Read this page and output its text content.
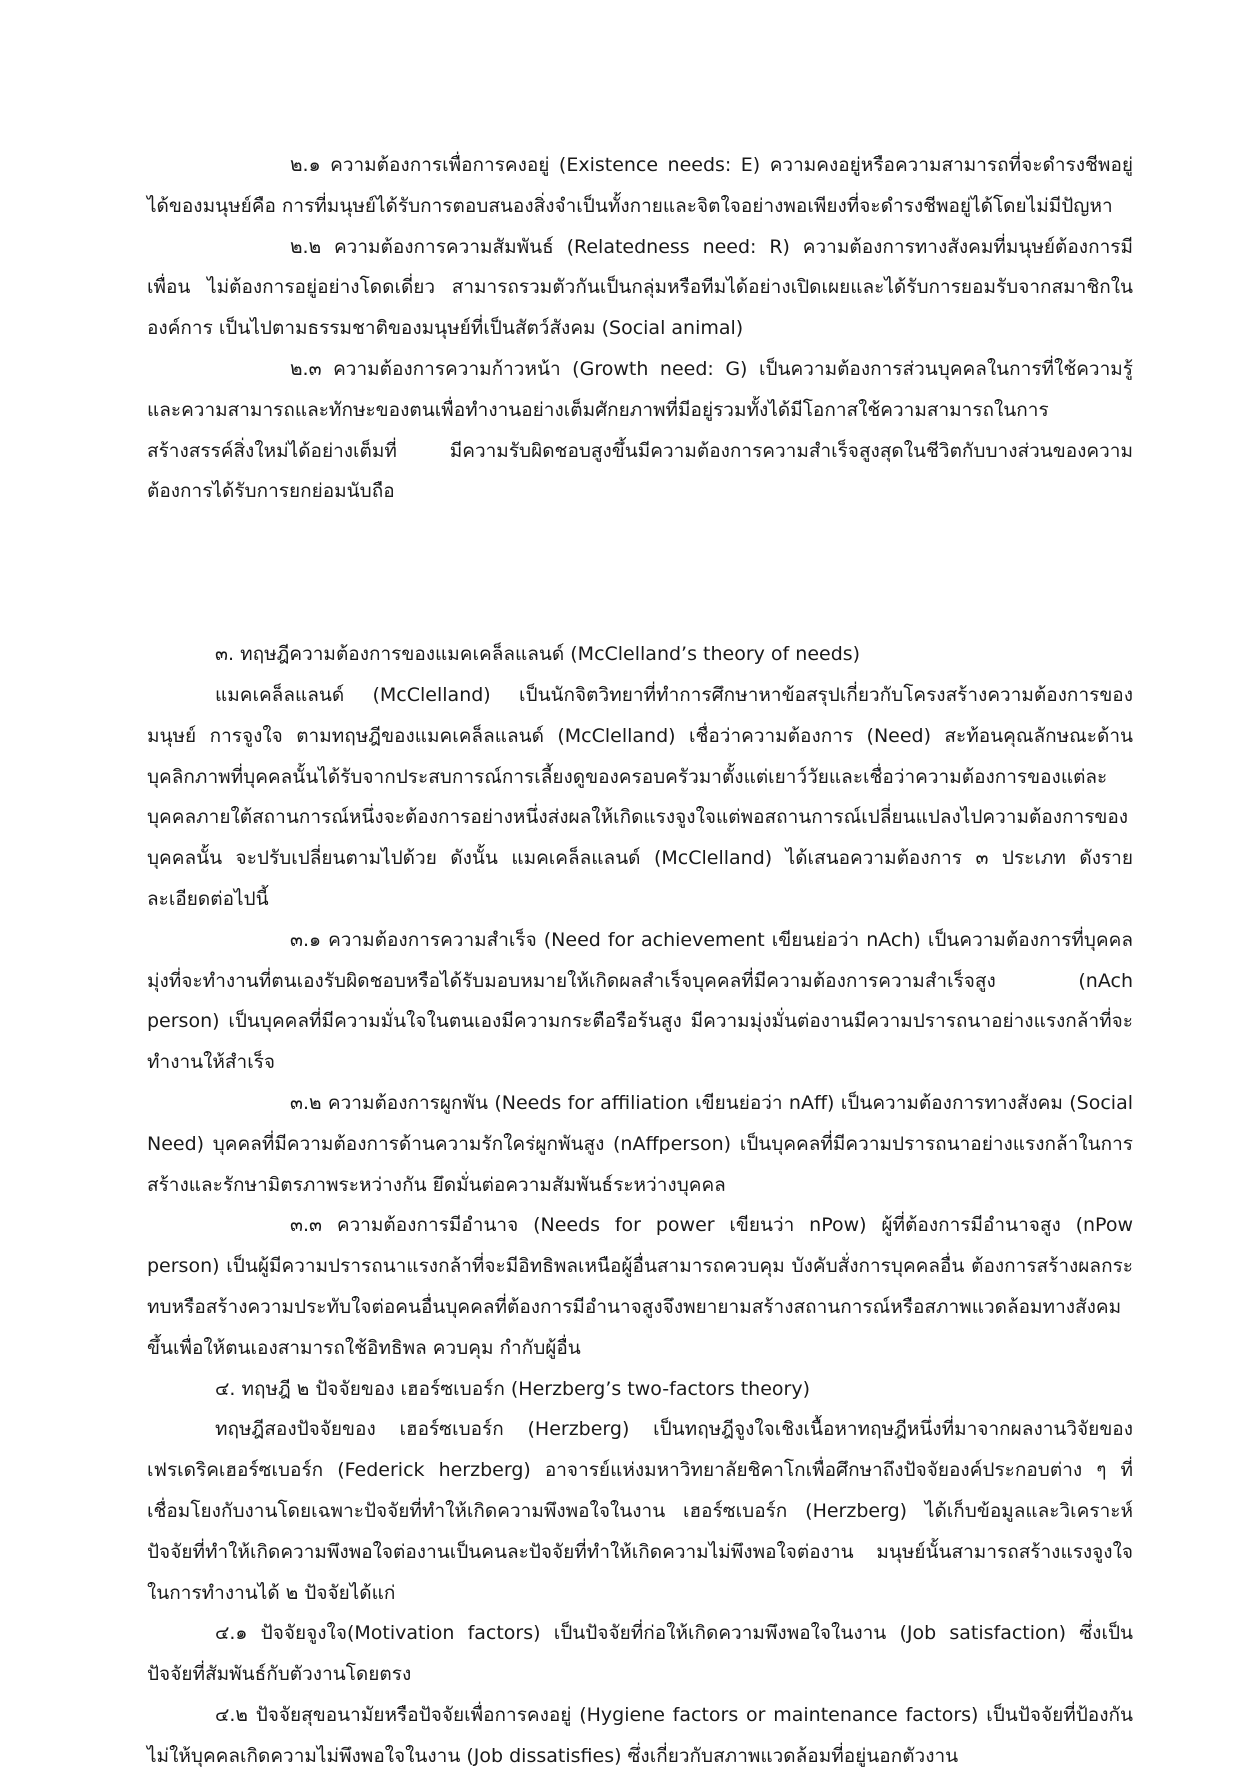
๒.๑ ความต้องการเพื่อการคงอยู่ (Existence needs: E) ความคงอยู่หรือความสามารถที่จะดำรงชีพอยู่ได้ของมนุษย์คือ การที่มนุษย์ได้รับการตอบสนองสิ่งจำเป็นทั้งกายและจิตใจอย่างพอเพียงที่จะดำรงชีพอยู่ได้โดยไม่มีปัญหา

๒.๒ ความต้องการความสัมพันธ์ (Relatedness need: R) ความต้องการทางสังคมที่มนุษย์ต้องการมีเพื่อน ไม่ต้องการอยู่อย่างโดดเดี่ยว สามารถรวมตัวกันเป็นกลุ่มหรือทีมได้อย่างเปิดเผยและได้รับการยอมรับจากสมาชิกในองค์การ เป็นไปตามธรรมชาติของมนุษย์ที่เป็นสัตว์สังคม (Social animal)

๒.๓ ความต้องการความก้าวหน้า (Growth need: G) เป็นความต้องการส่วนบุคคลในการที่ใช้ความรู้และความสามารถและทักษะของตนเพื่อทำงานอย่างเต็มศักยภาพที่มีอยู่รวมทั้งได้มีโอกาสใช้ความสามารถในการสร้างสรรค์สิ่งใหม่ได้อย่างเต็มที่ มีความรับผิดชอบสูงขึ้นมีความต้องการความสำเร็จสูงสุดในชีวิตกับบางส่วนของความต้องการได้รับการยกย่อมนับถือ

๓. ทฤษฎีความต้องการของแมคเคล็ลแลนด์ (McClelland’s theory of needs)

แมคเคล็ลแลนด์ (McClelland) เป็นนักจิตวิทยาที่ทำการศึกษาหาข้อสรุปเกี่ยวกับโครงสร้างความต้องการของมนุษย์ การจูงใจ ตามทฤษฎีของแมคเคล็ลแลนด์ (McClelland) เชื่อว่าความต้องการ (Need) สะท้อนคุณลักษณะด้านบุคลิกภาพที่บุคคลนั้นได้รับจากประสบการณ์การเลี้ยงดูของครอบครัวมาตั้งแต่เยาว์วัยและเชื่อว่าความต้องการของแต่ละบุคคลภายใต้สถานการณ์หนึ่งจะต้องการอย่างหนึ่งส่งผลให้เกิดแรงจูงใจแต่พอสถานการณ์เปลี่ยนแปลงไปความต้องการของบุคคลนั้น จะปรับเปลี่ยนตามไปด้วย ดังนั้น แมคเคล็ลแลนด์ (McClelland) ได้เสนอความต้องการ ๓ ประเภท ดังรายละเอียดต่อไปนี้

๓.๑ ความต้องการความสำเร็จ (Need for achievement เขียนย่อว่า nAch) เป็นความต้องการที่บุคคลมุ่งที่จะทำงานที่ตนเองรับผิดชอบหรือได้รับมอบหมายให้เกิดผลสำเร็จบุคคลที่มีความต้องการความสำเร็จสูง (nAch person) เป็นบุคคลที่มีความมั่นใจในตนเองมีความกระตือรือร้นสูง มีความมุ่งมั่นต่องานมีความปรารถนาอย่างแรงกล้าที่จะทำงานให้สำเร็จ

๓.๒ ความต้องการผูกพัน (Needs for affiliation เขียนย่อว่า nAff) เป็นความต้องการทางสังคม (Social Need) บุคคลที่มีความต้องการด้านความรักใคร่ผูกพันสูง (nAffperson) เป็นบุคคลที่มีความปรารถนาอย่างแรงกล้าในการสร้างและรักษามิตรภาพระหว่างกัน ยึดมั่นต่อความสัมพันธ์ระหว่างบุคคล

๓.๓ ความต้องการมีอำนาจ (Needs for power เขียนว่า nPow) ผู้ที่ต้องการมีอำนาจสูง (nPow person) เป็นผู้มีความปรารถนาแรงกล้าที่จะมีอิทธิพลเหนือผู้อื่นสามารถควบคุม บังคับสั่งการบุคคลอื่น ต้องการสร้างผลกระทบหรือสร้างความประทับใจต่อคนอื่นบุคคลที่ต้องการมีอำนาจสูงจึงพยายามสร้างสถานการณ์หรือสภาพแวดล้อมทางสังคมขึ้นเพื่อให้ตนเองสามารถใช้อิทธิพล ควบคุม กำกับผู้อื่น

๔. ทฤษฎี ๒ ปัจจัยของ เฮอร์ซเบอร์ก (Herzberg’s two-factors theory)

ทฤษฎีสองปัจจัยของ เฮอร์ซเบอร์ก (Herzberg) เป็นทฤษฎีจูงใจเชิงเนื้อหาทฤษฎีหนึ่งที่มาจากผลงานวิจัยของ เฟรเดริคเฮอร์ซเบอร์ก (Federick herzberg) อาจารย์แห่งมหาวิทยาลัยชิคาโกเพื่อศึกษาถึงปัจจัยองค์ประกอบต่าง ๆ ที่เชื่อมโยงกับงานโดยเฉพาะปัจจัยที่ทำให้เกิดความพึงพอใจในงาน เฮอร์ซเบอร์ก (Herzberg) ได้เก็บข้อมูลและวิเคราะห์ ปัจจัยที่ทำให้เกิดความพึงพอใจต่องานเป็นคนละปัจจัยที่ทำให้เกิดความไม่พึงพอใจต่องาน มนุษย์นั้นสามารถสร้างแรงจูงใจในการทำงานได้ ๒ ปัจจัยได้แก่

๔.๑ ปัจจัยจูงใจ(Motivation factors) เป็นปัจจัยที่ก่อให้เกิดความพึงพอใจในงาน (Job satisfaction) ซึ่งเป็นปัจจัยที่สัมพันธ์กับตัวงานโดยตรง

๔.๒ ปัจจัยสุขอนามัยหรือปัจจัยเพื่อการคงอยู่ (Hygiene factors or maintenance factors) เป็นปัจจัยที่ป้องกันไม่ให้บุคคลเกิดความไม่พึงพอใจในงาน (Job dissatisfies) ซึ่งเกี่ยวกับสภาพแวดล้อมที่อยู่นอกตัวงาน
